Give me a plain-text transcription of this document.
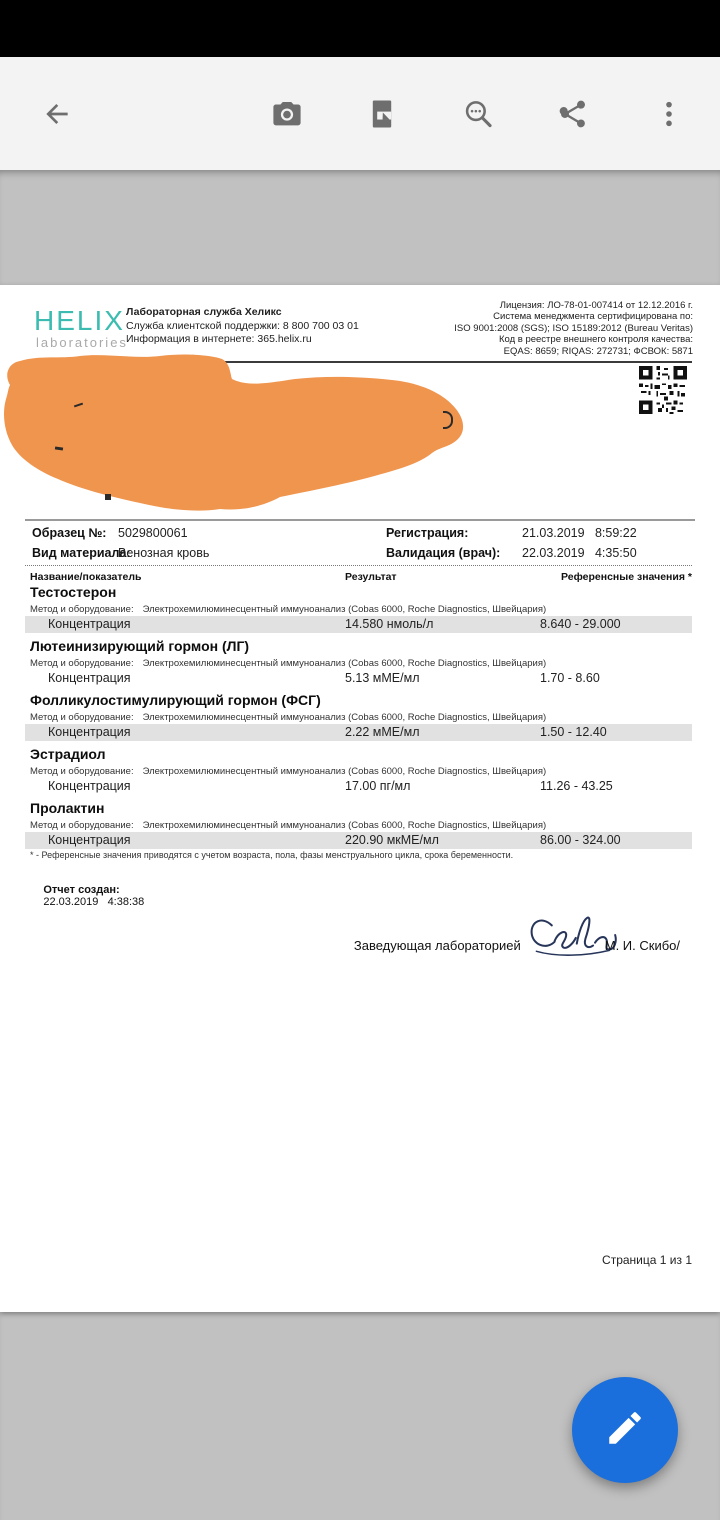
HELIX
laboratories
Лабораторная служба Хеликс
Служба клиентской поддержки: 8 800 700 03 01
Информация в интернете: 365.helix.ru
Лицензия: ЛО-78-01-007414 от 12.12.2016 г.
Система менеджмента сертифицирована по:
ISO 9001:2008 (SGS); ISO 15189:2012 (Bureau Veritas)
Код в реестре внешнего контроля качества:
EQAS: 8659; RIQAS: 272731; ФСВОК: 5871
Образец №: 5029800061	Регистрация:	21.03.2019   8:59:22
Вид материала:
Венозная кровь	Валидация (врач): 22.03.2019   4:35:50
Название/показатель	Результат	Референсные значения *
Тестостерон
Метод и оборудование: Электрохемилюминесцентный иммуноанализ (Cobas 6000, Roche Diagnostics, Швейцария)
Концентрация	14.580 нмоль/л	8.640 - 29.000
Лютеинизирующий гормон (ЛГ)
Метод и оборудование: Электрохемилюминесцентный иммуноанализ (Cobas 6000, Roche Diagnostics, Швейцария)
Концентрация	5.13 мМЕ/мл	1.70 - 8.60
Фолликулостимулирующий гормон (ФСГ)
Метод и оборудование: Электрохемилюминесцентный иммуноанализ (Cobas 6000, Roche Diagnostics, Швейцария)
Концентрация	2.22 мМЕ/мл	1.50 - 12.40
Эстрадиол
Метод и оборудование: Электрохемилюминесцентный иммуноанализ (Cobas 6000, Roche Diagnostics, Швейцария)
Концентрация	17.00 пг/мл	11.26 - 43.25
Пролактин
Метод и оборудование: Электрохемилюминесцентный иммуноанализ (Cobas 6000, Roche Diagnostics, Швейцария)
Концентрация	220.90 мкМЕ/мл	86.00 - 324.00
* - Референсные значения приводятся с учетом возраста, пола, фазы менструального цикла, срока беременности.

Отчет создан:
22.03.2019   4:38:38

Заведующая лабораторией	М. И. Скибо/
Страница 1 из 1
